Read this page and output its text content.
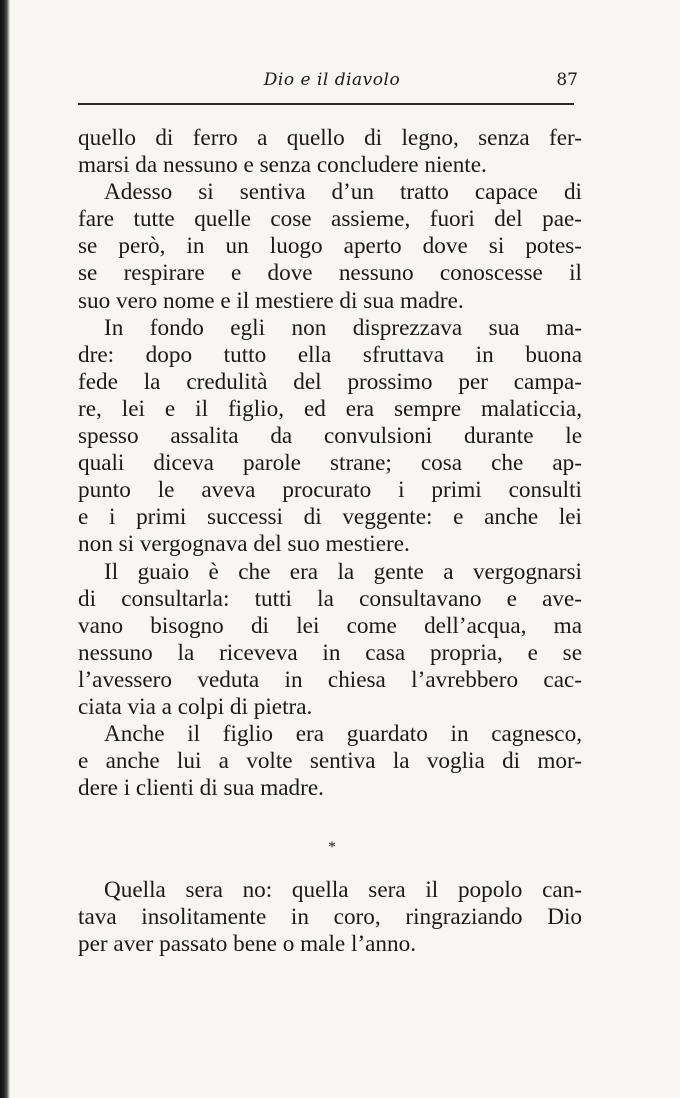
Dio e il diavolo	87

quello di ferro a quello di legno, senza fer-
marsi da nessuno e senza concludere niente.

Adesso si sentiva d’un tratto capace di
fare tutte quelle cose assieme, fuori del pae-
se però, in un luogo aperto dove si potes-
se respirare e dove nessuno conoscesse il
suo vero nome e il mestiere di sua madre.

In fondo egli non disprezzava sua ma-
dre: dopo tutto ella sfruttava in buona
fede la credulità del prossimo per campa-
re, lei e il figlio, ed era sempre malaticcia,
spesso assalita da convulsioni durante le
quali diceva parole strane; cosa che ap-
punto le aveva procurato i primi consulti
e i primi successi di veggente: e anche lei
non si vergognava del suo mestiere.

Il guaio è che era la gente a vergognarsi
di consultarla: tutti la consultavano e ave-
vano bisogno di lei come dell’acqua, ma
nessuno la riceveva in casa propria, e se
l’avessero veduta in chiesa l’avrebbero cac-
ciata via a colpi di pietra.

Anche il figlio era guardato in cagnesco,
e anche lui a volte sentiva la voglia di mor-
dere i clienti di sua madre.

*

Quella sera no: quella sera il popolo can-
tava insolitamente in coro, ringraziando Dio
per aver passato bene o male l’anno.
